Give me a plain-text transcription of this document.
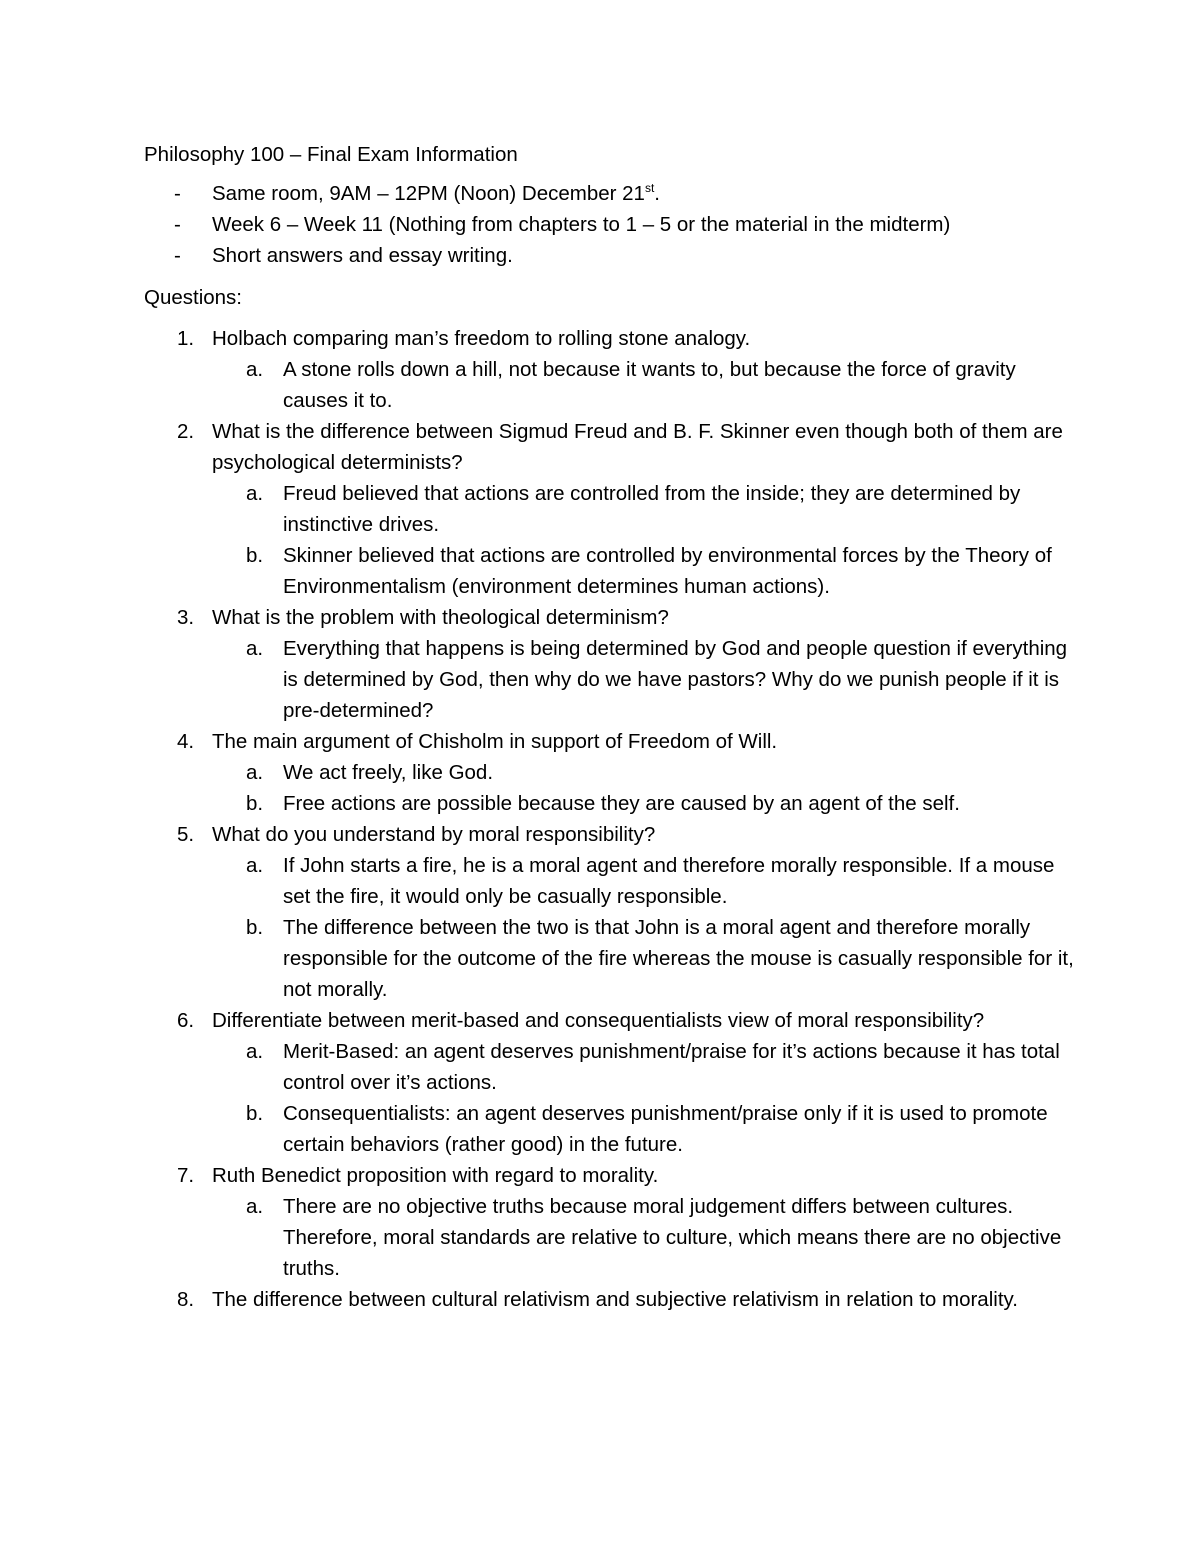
Philosophy 100 – Final Exam Information
- Same room, 9AM – 12PM (Noon) December 21st.
- Week 6 – Week 11 (Nothing from chapters to 1 – 5 or the material in the midterm)
- Short answers and essay writing.
Questions:
1. Holbach comparing man’s freedom to rolling stone analogy.
a. A stone rolls down a hill, not because it wants to, but because the force of gravity causes it to.
2. What is the difference between Sigmud Freud and B. F. Skinner even though both of them are psychological determinists?
a. Freud believed that actions are controlled from the inside; they are determined by instinctive drives.
b. Skinner believed that actions are controlled by environmental forces by the Theory of Environmentalism (environment determines human actions).
3. What is the problem with theological determinism?
a. Everything that happens is being determined by God and people question if everything is determined by God, then why do we have pastors? Why do we punish people if it is pre-determined?
4. The main argument of Chisholm in support of Freedom of Will.
a. We act freely, like God.
b. Free actions are possible because they are caused by an agent of the self.
5. What do you understand by moral responsibility?
a. If John starts a fire, he is a moral agent and therefore morally responsible. If a mouse set the fire, it would only be casually responsible.
b. The difference between the two is that John is a moral agent and therefore morally responsible for the outcome of the fire whereas the mouse is casually responsible for it, not morally.
6. Differentiate between merit-based and consequentialists view of moral responsibility?
a. Merit-Based: an agent deserves punishment/praise for it’s actions because it has total control over it’s actions.
b. Consequentialists: an agent deserves punishment/praise only if it is used to promote certain behaviors (rather good) in the future.
7. Ruth Benedict proposition with regard to morality.
a. There are no objective truths because moral judgement differs between cultures. Therefore, moral standards are relative to culture, which means there are no objective truths.
8. The difference between cultural relativism and subjective relativism in relation to morality.
